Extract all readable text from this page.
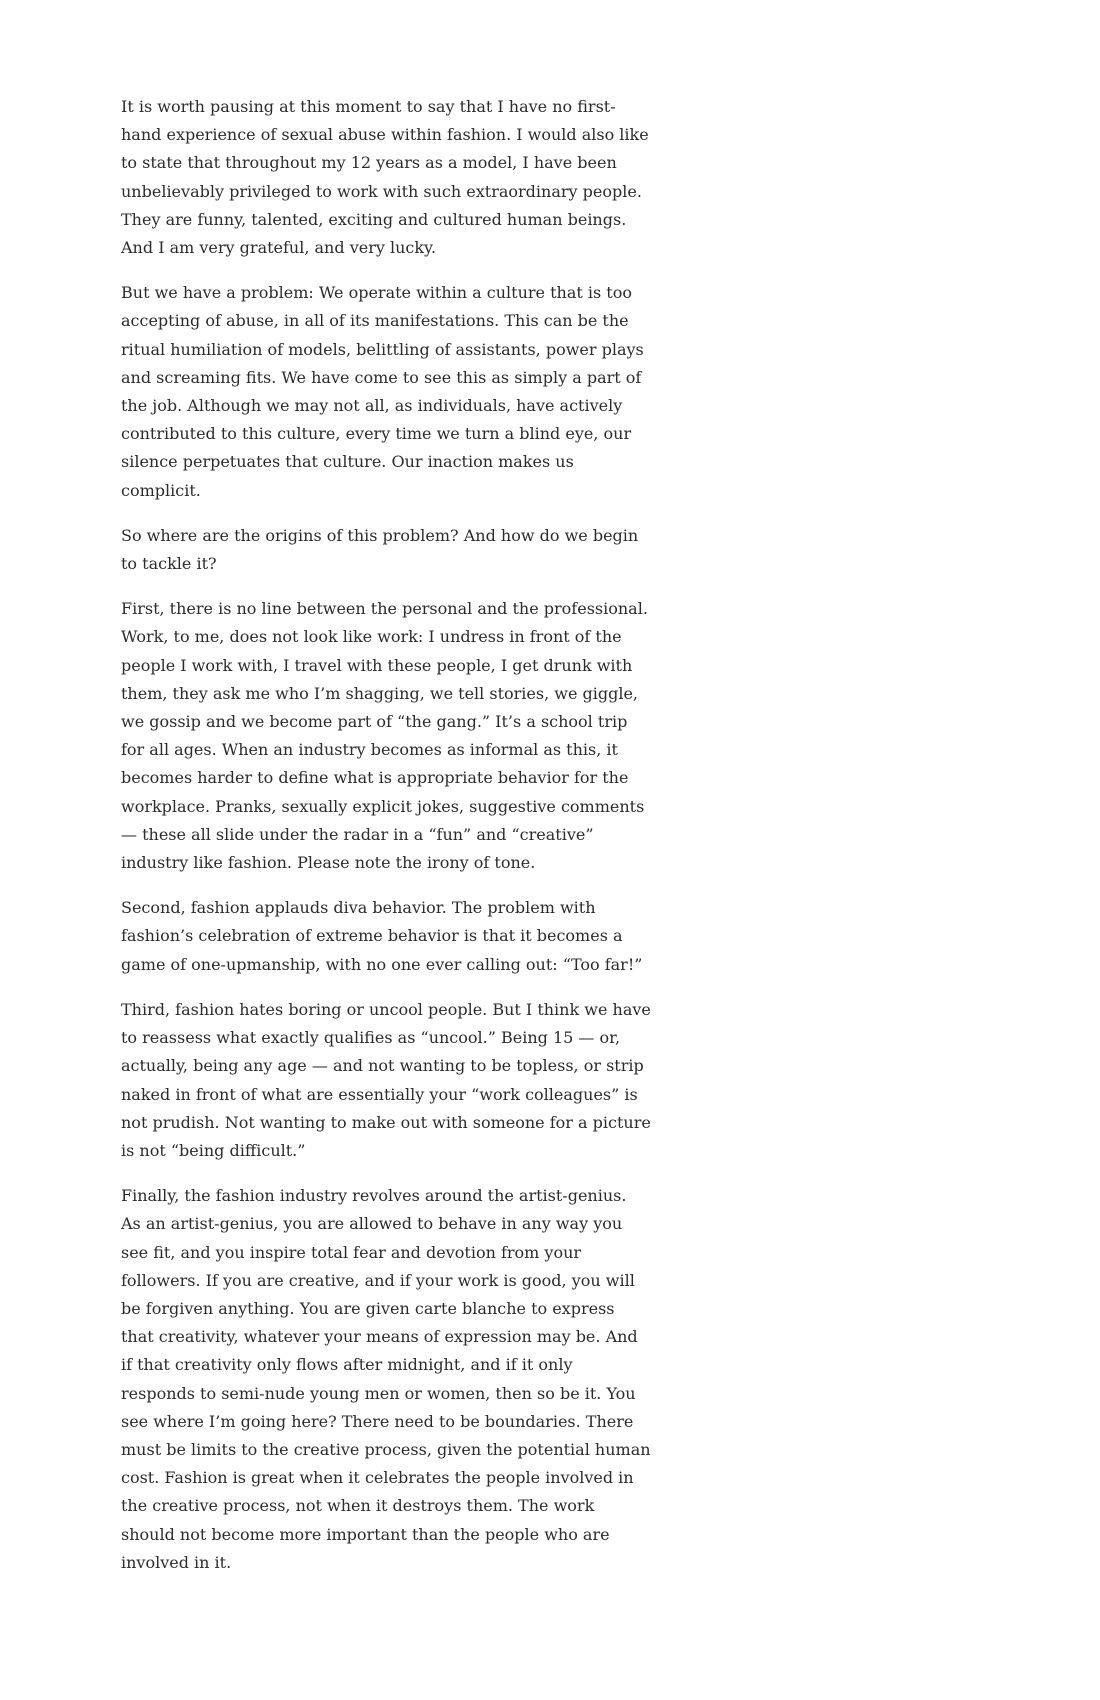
It is worth pausing at this moment to say that I have no first-hand experience of sexual abuse within fashion. I would also like to state that throughout my 12 years as a model, I have been unbelievably privileged to work with such extraordinary people. They are funny, talented, exciting and cultured human beings. And I am very grateful, and very lucky.

But we have a problem: We operate within a culture that is too accepting of abuse, in all of its manifestations. This can be the ritual humiliation of models, belittling of assistants, power plays and screaming fits. We have come to see this as simply a part of the job. Although we may not all, as individuals, have actively contributed to this culture, every time we turn a blind eye, our silence perpetuates that culture. Our inaction makes us complicit.

So where are the origins of this problem? And how do we begin to tackle it?

First, there is no line between the personal and the professional. Work, to me, does not look like work: I undress in front of the people I work with, I travel with these people, I get drunk with them, they ask me who I’m shagging, we tell stories, we giggle, we gossip and we become part of “the gang.” It’s a school trip for all ages. When an industry becomes as informal as this, it becomes harder to define what is appropriate behavior for the workplace. Pranks, sexually explicit jokes, suggestive comments — these all slide under the radar in a “fun” and “creative” industry like fashion. Please note the irony of tone.

Second, fashion applauds diva behavior. The problem with fashion’s celebration of extreme behavior is that it becomes a game of one-upmanship, with no one ever calling out: “Too far!”

Third, fashion hates boring or uncool people. But I think we have to reassess what exactly qualifies as “uncool.” Being 15 — or, actually, being any age — and not wanting to be topless, or strip naked in front of what are essentially your “work colleagues” is not prudish. Not wanting to make out with someone for a picture is not “being difficult.”

Finally, the fashion industry revolves around the artist-genius. As an artist-genius, you are allowed to behave in any way you see fit, and you inspire total fear and devotion from your followers. If you are creative, and if your work is good, you will be forgiven anything. You are given carte blanche to express that creativity, whatever your means of expression may be. And if that creativity only flows after midnight, and if it only responds to semi-nude young men or women, then so be it. You see where I’m going here? There need to be boundaries. There must be limits to the creative process, given the potential human cost. Fashion is great when it celebrates the people involved in the creative process, not when it destroys them. The work should not become more important than the people who are involved in it.
